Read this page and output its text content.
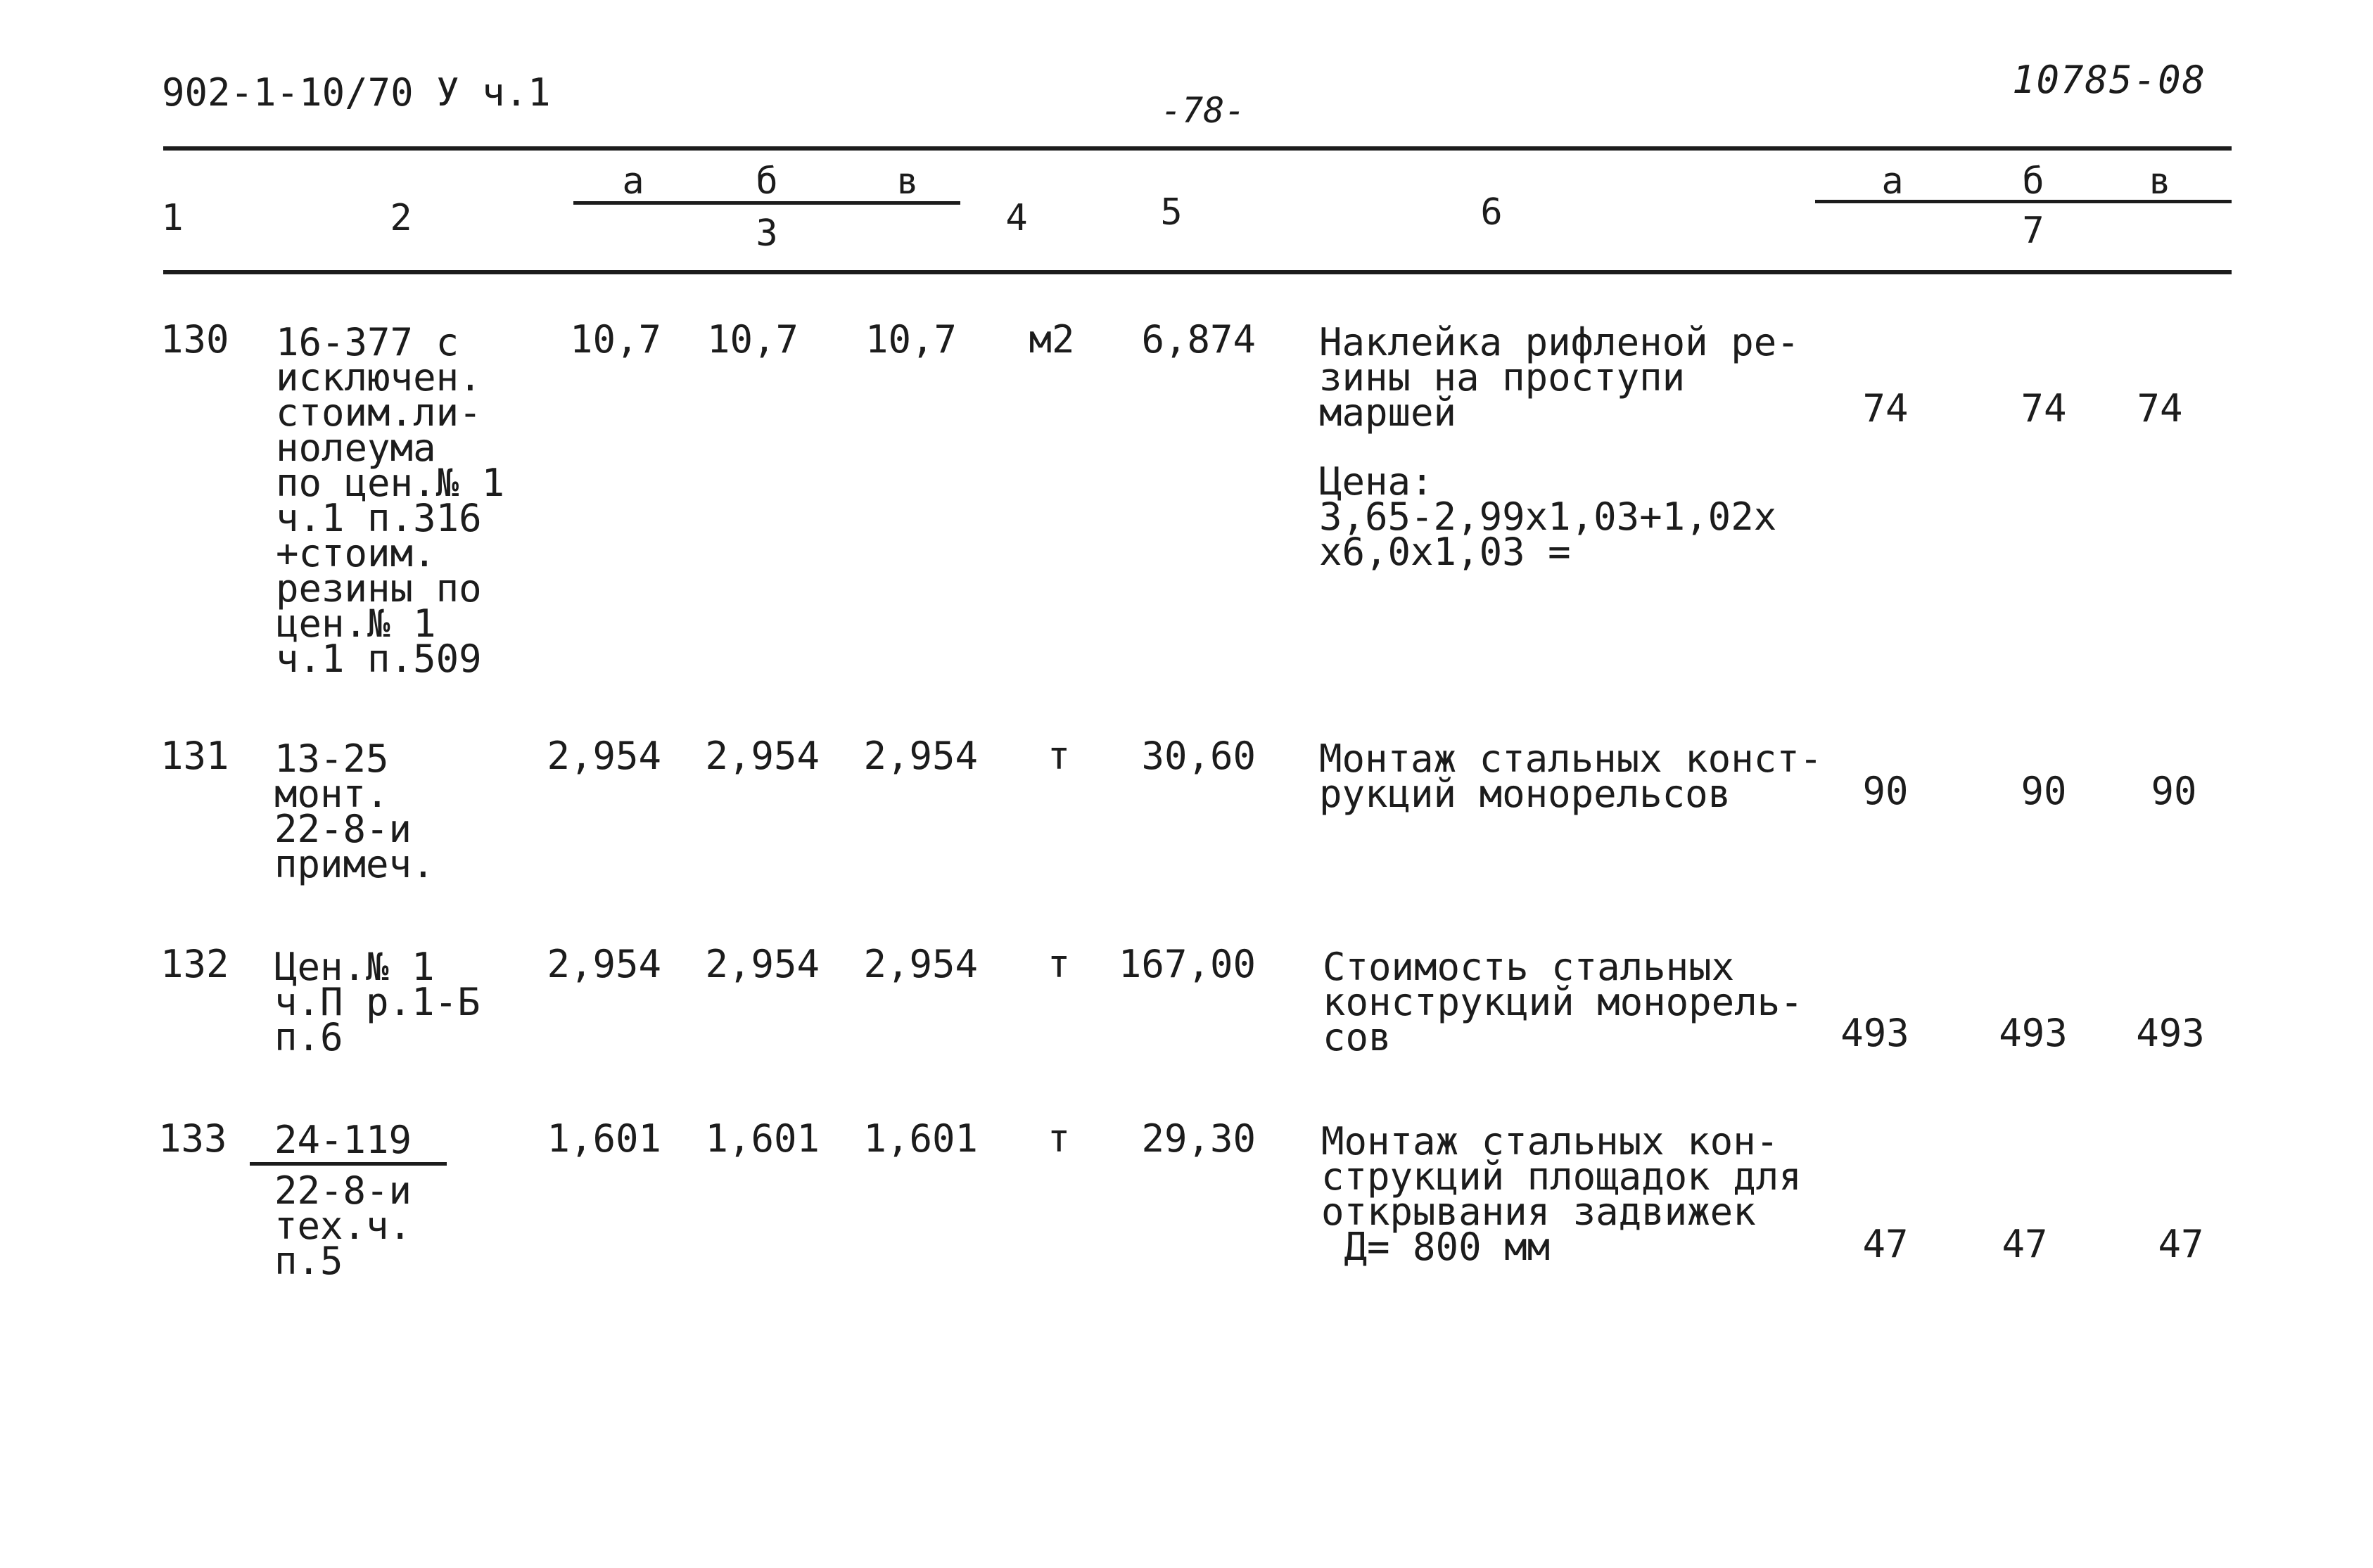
902-1-10/70 У ч.1	-78-
10785-08
1	2
а	б	в
3	4	5	6
а	б	в
7
130 16-377 с
исключен.
стоим.ли-
нолеума
по цен.№ 1
ч.1 п.316
+стоим.
резины по
цен.№ 1
ч.1 п.509
10,7	10,7	10,7	м2	6,874 Наклейка рифленой ре-
зины на проступи
маршей
Цена:
3,65-2,99х1,03+1,02х
х6,0х1,03 =
74	74	74
131 13-25
монт.
22-8-и
примеч.
2,954 2,954 2,954	т	30,60 Монтаж стальных конст-
рукций монорельсов	90	90	90
132 Цен.№ 1
ч.П р.1-Б
п.6
2,954 2,954 2,954	т	167,00 Стоимость стальных
конструкций монорель-
сов	493	493	493
133	24-119
22-8-и
тех.ч.
п.5
1,601 1,601 1,601	т	29,30 Монтаж стальных кон-
струкций площадок для
открывания задвижек
Д= 800 мм	47	47	47
